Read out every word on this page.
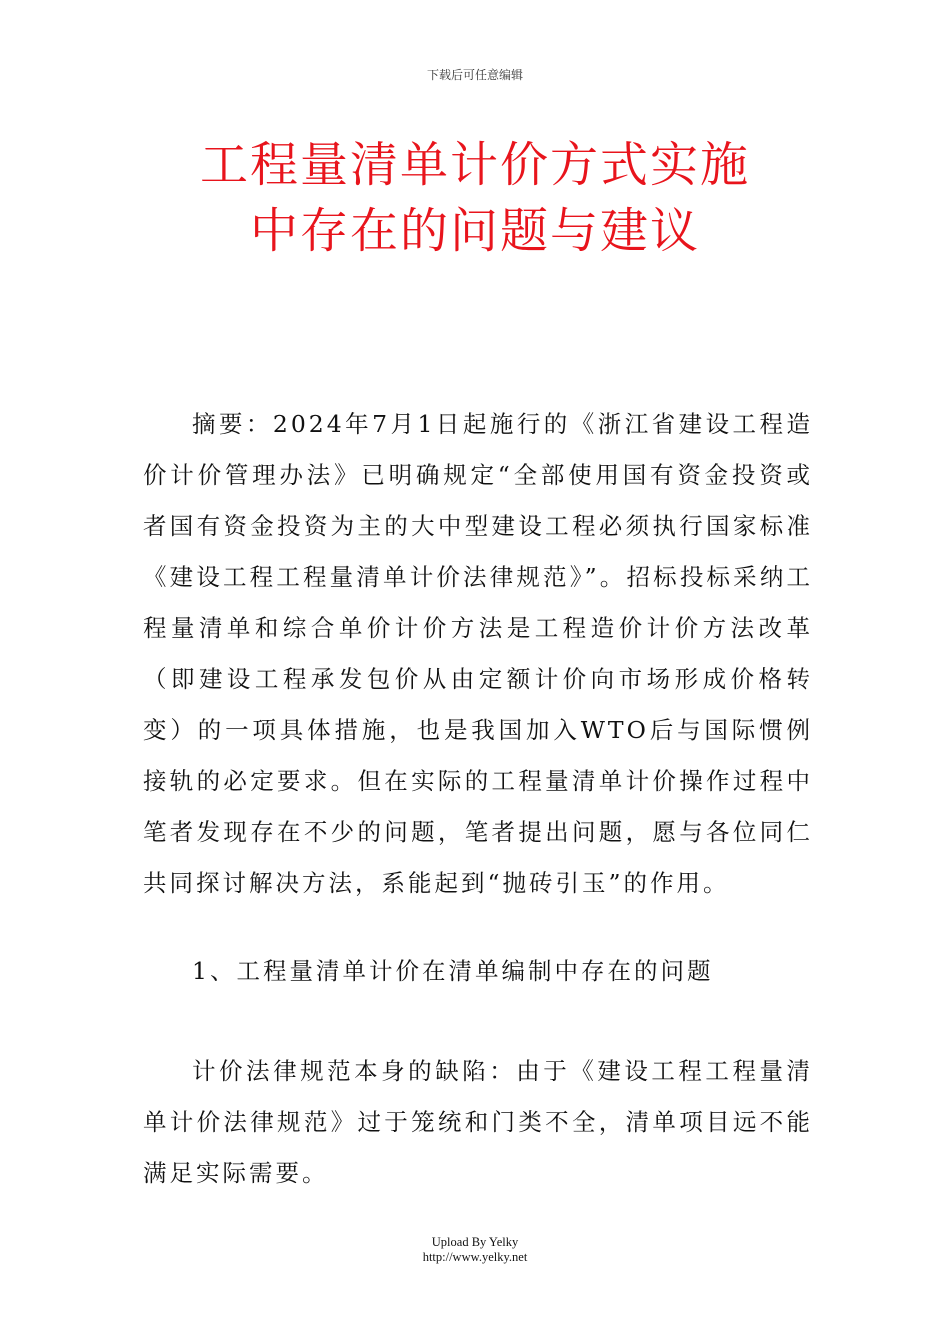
下载后可任意编辑
工程量清单计价方式实施
中存在的问题与建议

摘要：2024年7月1日起施行的《浙江省建设工程造价计价管理办法》已明确规定“全部使用国有资金投资或者国有资金投资为主的大中型建设工程必须执行国家标准《建设工程工程量清单计价法律规范》”。招标投标采纳工程量清单和综合单价计价方法是工程造价计价方法改革（即建设工程承发包价从由定额计价向市场形成价格转变）的一项具体措施，也是我国加入WTO后与国际惯例接轨的必定要求。但在实际的工程量清单计价操作过程中笔者发现存在不少的问题，笔者提出问题，愿与各位同仁共同探讨解决方法，系能起到“抛砖引玉”的作用。

1、工程量清单计价在清单编制中存在的问题

计价法律规范本身的缺陷：由于《建设工程工程量清单计价法律规范》过于笼统和门类不全，清单项目远不能满足实际需要。

Upload By Yelky
http://www.yelky.net
